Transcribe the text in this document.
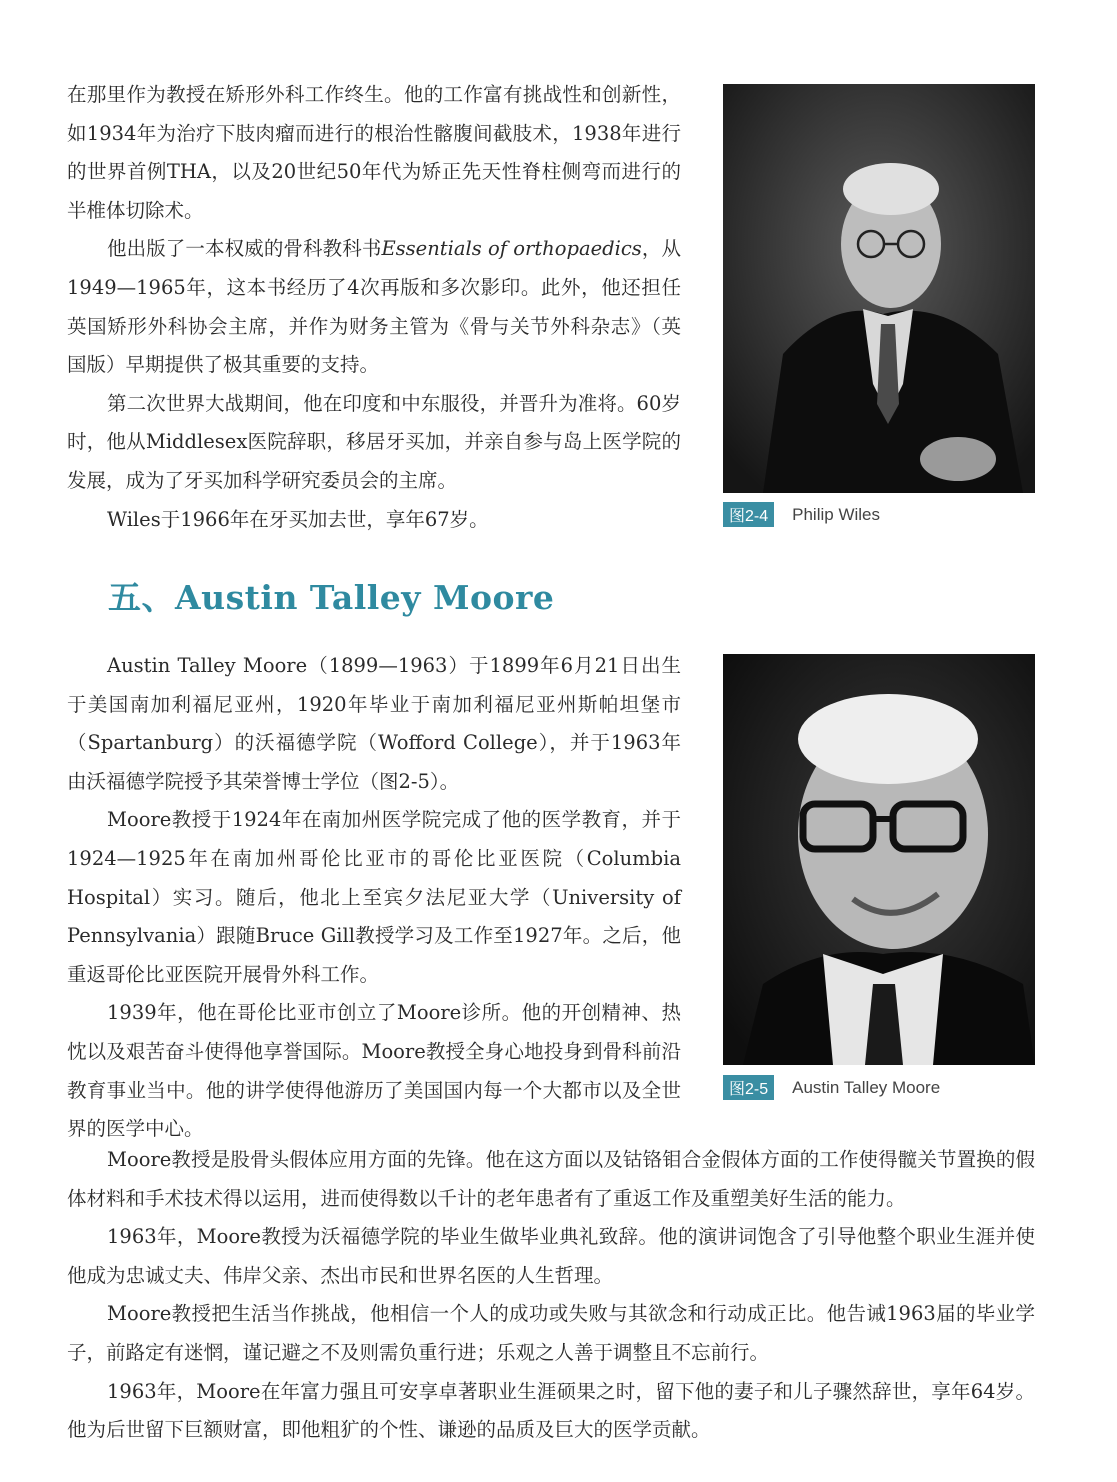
在那里作为教授在矫形外科工作终生。他的工作富有挑战性和创新性，如1934年为治疗下肢肉瘤而进行的根治性髂腹间截肢术，1938年进行的世界首例THA，以及20世纪50年代为矫正先天性脊柱侧弯而进行的半椎体切除术。

他出版了一本权威的骨科教科书Essentials of orthopaedics，从1949—1965年，这本书经历了4次再版和多次影印。此外，他还担任英国矫形外科协会主席，并作为财务主管为《骨与关节外科杂志》（英国版）早期提供了极其重要的支持。

第二次世界大战期间，他在印度和中东服役，并晋升为准将。60岁时，他从Middlesex医院辞职，移居牙买加，并亲自参与岛上医学院的发展，成为了牙买加科学研究委员会的主席。

Wiles于1966年在牙买加去世，享年67岁。	图2-4	Philip Wiles
五、Austin Talley Moore

Austin Talley Moore（1899—1963）于1899年6月21日出生于美国南加利福尼亚州，1920年毕业于南加利福尼亚州斯帕坦堡市（Spartanburg）的沃福德学院（Wofford College），并于1963年由沃福德学院授予其荣誉博士学位（图2-5）。

Moore教授于1924年在南加州医学院完成了他的医学教育，并于1924—1925年在南加州哥伦比亚市的哥伦比亚医院（Columbia Hospital）实习。随后，他北上至宾夕法尼亚大学（University of Pennsylvania）跟随Bruce Gill教授学习及工作至1927年。之后，他重返哥伦比亚医院开展骨外科工作。

1939年，他在哥伦比亚市创立了Moore诊所。他的开创精神、热忱以及艰苦奋斗使得他享誉国际。Moore教授全身心地投身到骨科前沿教育事业当中。他的讲学使得他游历了美国国内每一个大都市以及全世界的医学中心。

图2-5	Austin Talley Moore

Moore教授是股骨头假体应用方面的先锋。他在这方面以及钴铬钼合金假体方面的工作使得髋关节置换的假体材料和手术技术得以运用，进而使得数以千计的老年患者有了重返工作及重塑美好生活的能力。

1963年，Moore教授为沃福德学院的毕业生做毕业典礼致辞。他的演讲词饱含了引导他整个职业生涯并使他成为忠诚丈夫、伟岸父亲、杰出市民和世界名医的人生哲理。

Moore教授把生活当作挑战，他相信一个人的成功或失败与其欲念和行动成正比。他告诫1963届的毕业学子，前路定有迷惘，谨记避之不及则需负重行进；乐观之人善于调整且不忘前行。

1963年，Moore在年富力强且可安享卓著职业生涯硕果之时，留下他的妻子和儿子骤然辞世，享年64岁。他为后世留下巨额财富，即他粗犷的个性、谦逊的品质及巨大的医学贡献。
